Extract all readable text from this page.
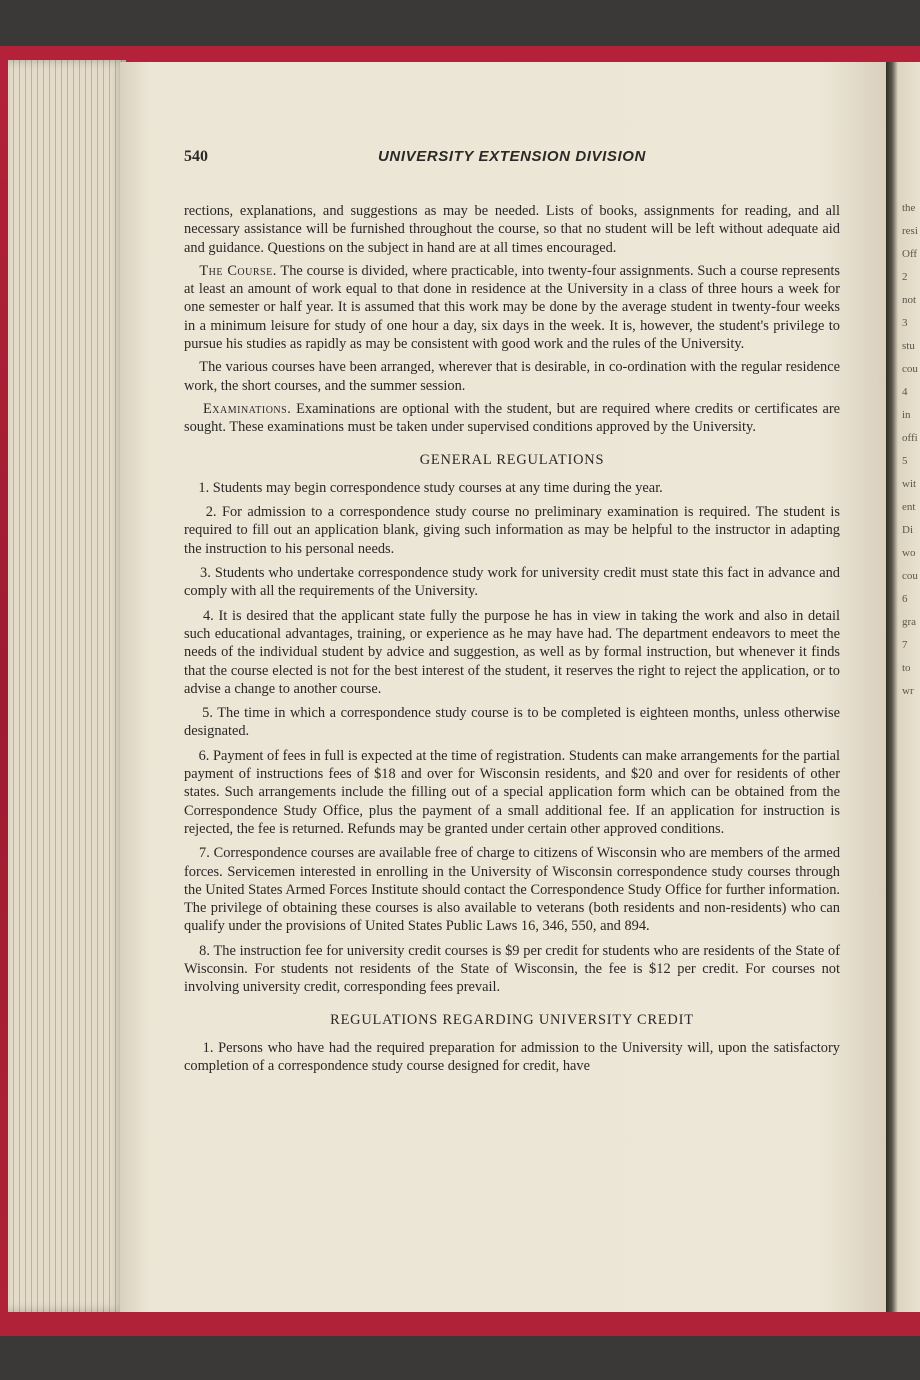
the
resi
Off
2
not
3
stu
cou
4
in
offi
5
wit
ent
Di
wo
cou
6
gra
7
to
wr
540	UNIVERSITY EXTENSION DIVISION

rections, explanations, and suggestions as may be needed. Lists of books, assignments for reading, and all necessary assistance will be furnished throughout the course, so that no student will be left without adequate aid and guidance. Questions on the subject in hand are at all times encouraged.

The Course. The course is divided, where practicable, into twenty-four assignments. Such a course represents at least an amount of work equal to that done in residence at the University in a class of three hours a week for one semester or half year. It is assumed that this work may be done by the average student in twenty-four weeks in a minimum leisure for study of one hour a day, six days in the week. It is, however, the student's privilege to pursue his studies as rapidly as may be consistent with good work and the rules of the University.

The various courses have been arranged, wherever that is desirable, in co-ordination with the regular residence work, the short courses, and the summer session.

Examinations. Examinations are optional with the student, but are required where credits or certificates are sought. These examinations must be taken under supervised conditions approved by the University.

GENERAL REGULATIONS
1. Students may begin correspondence study courses at any time during the year.
2. For admission to a correspondence study course no preliminary examination is required. The student is required to fill out an application blank, giving such information as may be helpful to the instructor in adapting the instruction to his personal needs.
3. Students who undertake correspondence study work for university credit must state this fact in advance and comply with all the requirements of the University.
4. It is desired that the applicant state fully the purpose he has in view in taking the work and also in detail such educational advantages, training, or experience as he may have had. The department endeavors to meet the needs of the individual student by advice and suggestion, as well as by formal instruction, but whenever it finds that the course elected is not for the best interest of the student, it reserves the right to reject the application, or to advise a change to another course.
5. The time in which a correspondence study course is to be completed is eighteen months, unless otherwise designated.
6. Payment of fees in full is expected at the time of registration. Students can make arrangements for the partial payment of instructions fees of $18 and over for Wisconsin residents, and $20 and over for residents of other states. Such arrangements include the filling out of a special application form which can be obtained from the Correspondence Study Office, plus the payment of a small additional fee. If an application for instruction is rejected, the fee is returned. Refunds may be granted under certain other approved conditions.
7. Correspondence courses are available free of charge to citizens of Wisconsin who are members of the armed forces. Servicemen interested in enrolling in the University of Wisconsin correspondence study courses through the United States Armed Forces Institute should contact the Correspondence Study Office for further information. The privilege of obtaining these courses is also available to veterans (both residents and non-residents) who can qualify under the provisions of United States Public Laws 16, 346, 550, and 894.
8. The instruction fee for university credit courses is $9 per credit for students who are residents of the State of Wisconsin. For students not residents of the State of Wisconsin, the fee is $12 per credit. For courses not involving university credit, corresponding fees prevail.
REGULATIONS REGARDING UNIVERSITY CREDIT
1. Persons who have had the required preparation for admission to the University will, upon the satisfactory completion of a correspondence study course designed for credit, have
